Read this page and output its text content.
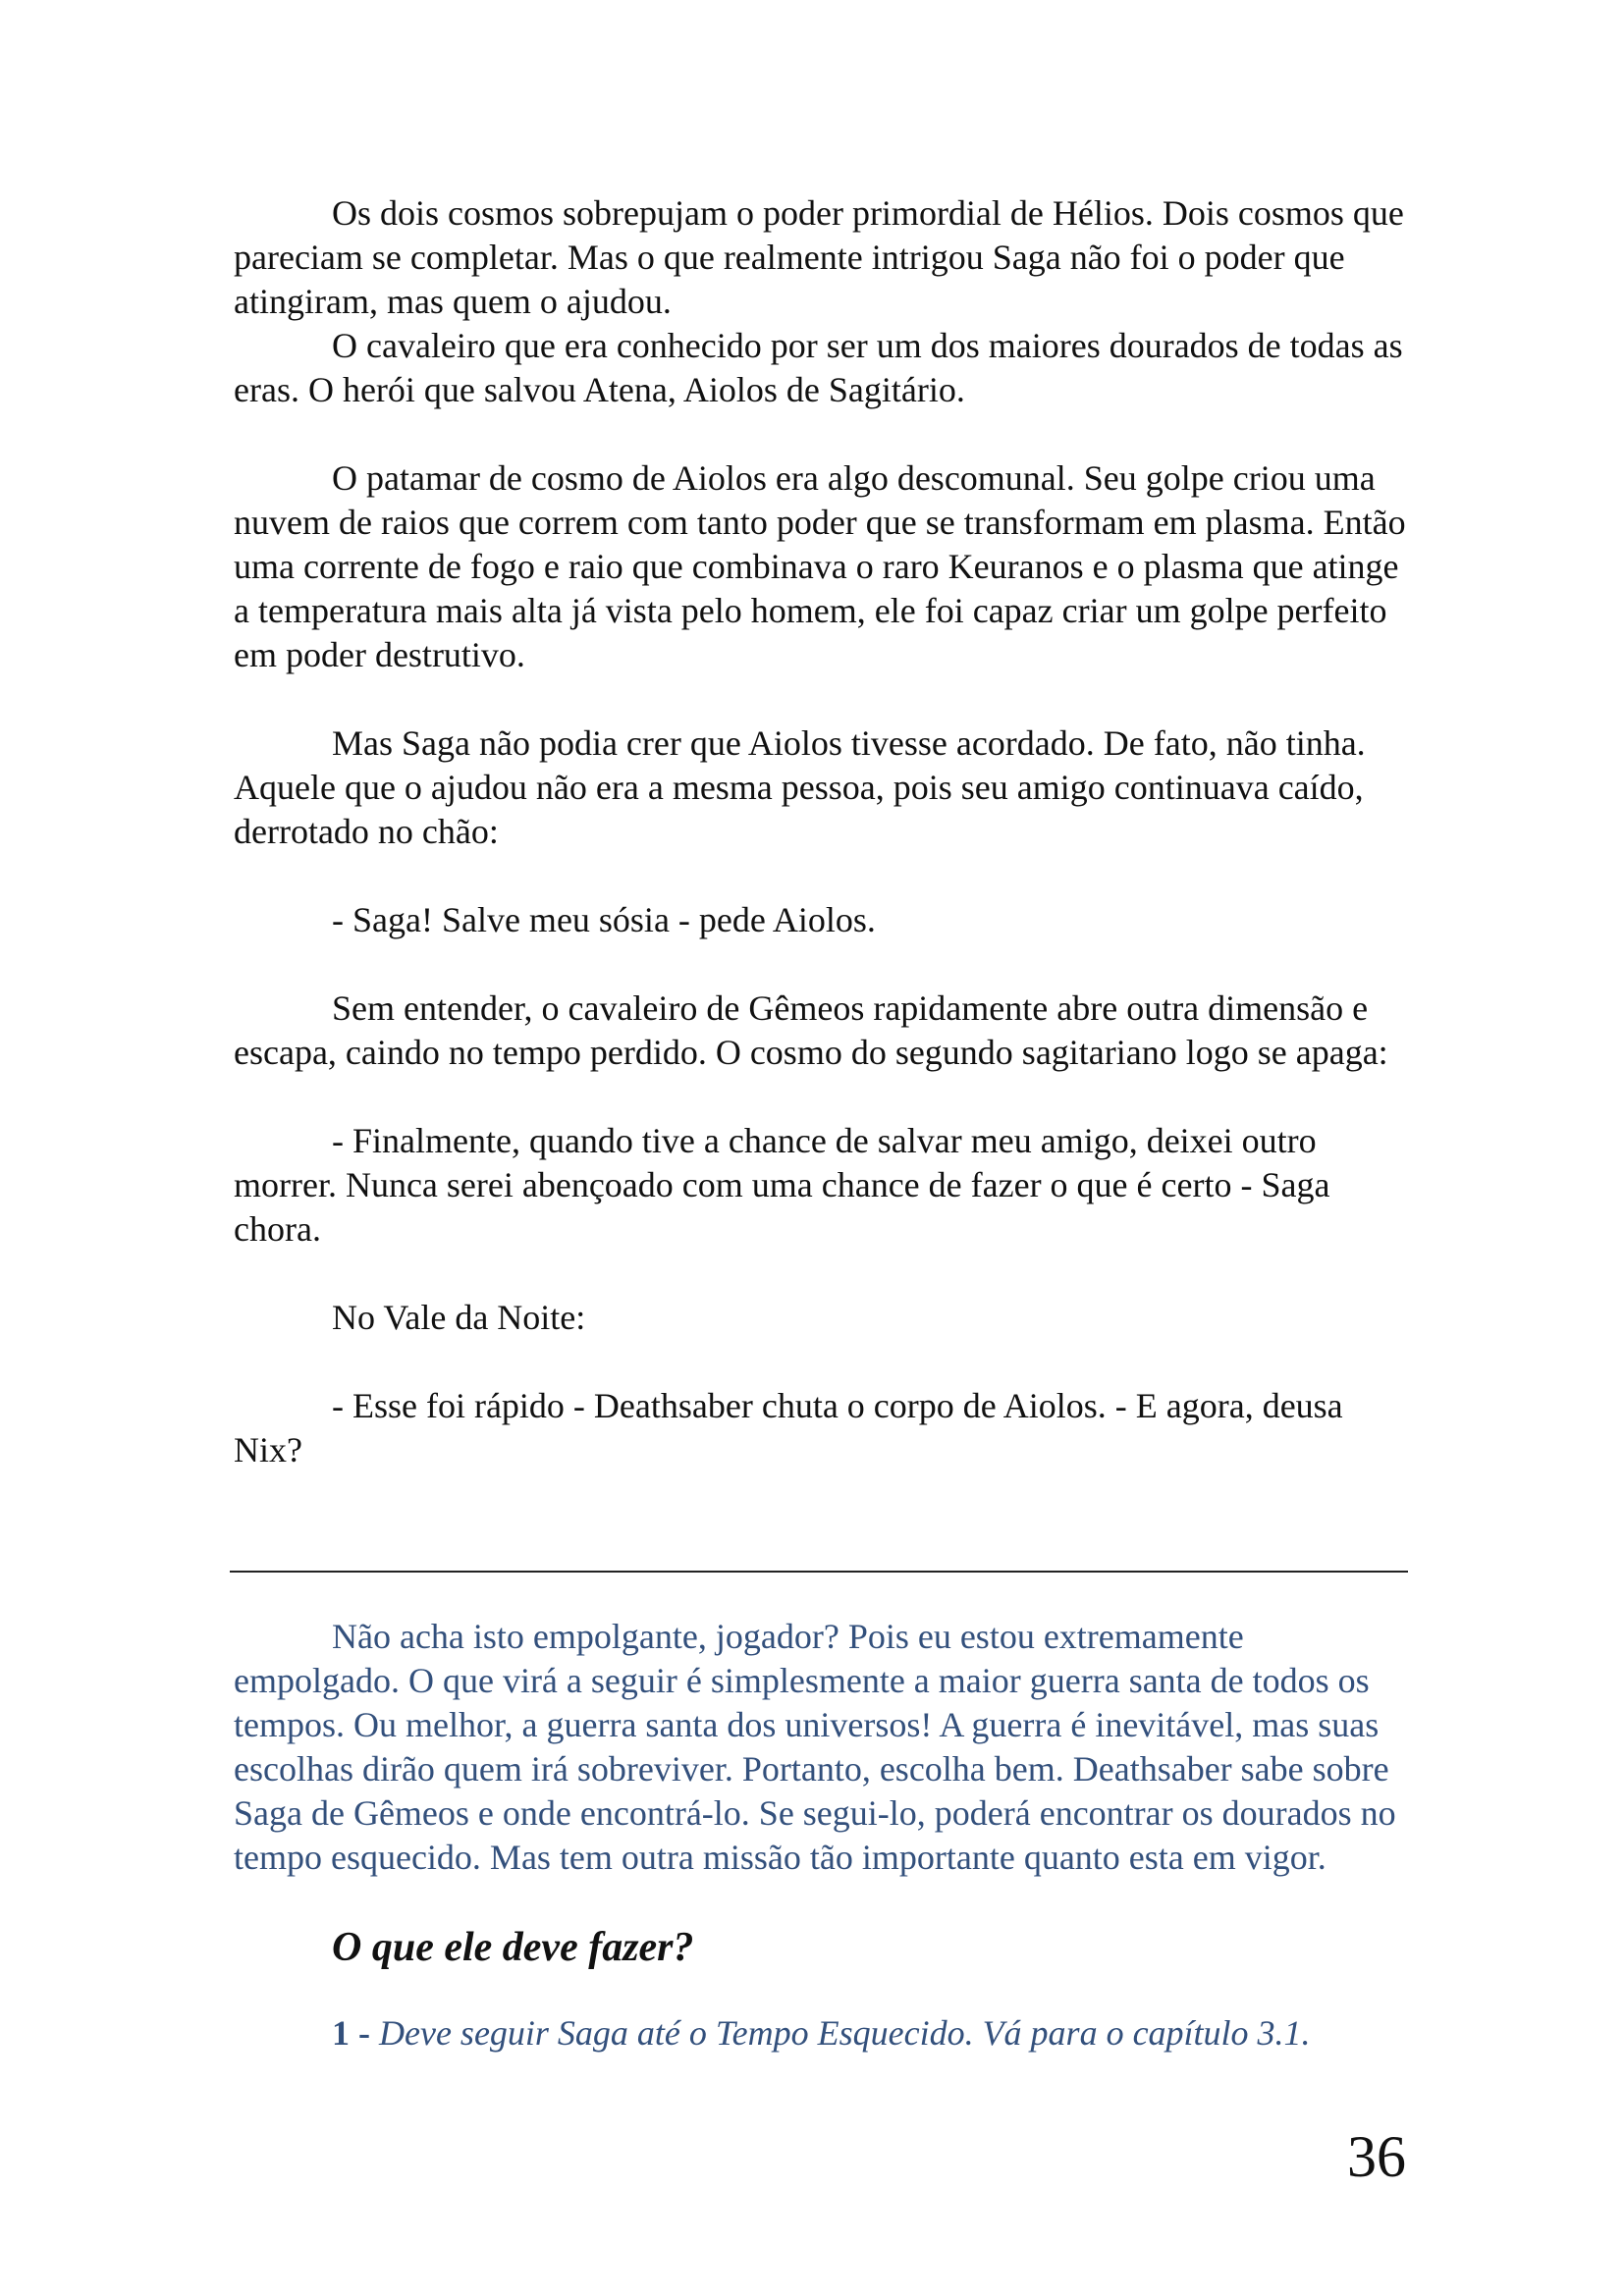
Os dois cosmos sobrepujam o poder primordial de Hélios. Dois cosmos que pareciam se completar. Mas o que realmente intrigou Saga não foi o poder que atingiram, mas quem o ajudou.

O cavaleiro que era conhecido por ser um dos maiores dourados de todas as eras. O herói que salvou Atena, Aiolos de Sagitário.

O patamar de cosmo de Aiolos era algo descomunal. Seu golpe criou uma nuvem de raios que correm com tanto poder que se transformam em plasma. Então uma corrente de fogo e raio que combinava o raro Keuranos e o plasma que atinge a temperatura mais alta já vista pelo homem, ele foi capaz criar um golpe perfeito em poder destrutivo.

Mas Saga não podia crer que Aiolos tivesse acordado. De fato, não tinha. Aquele que o ajudou não era a mesma pessoa, pois seu amigo continuava caído, derrotado no chão:

- Saga! Salve meu sósia - pede Aiolos.

Sem entender, o cavaleiro de Gêmeos rapidamente abre outra dimensão e escapa, caindo no tempo perdido. O cosmo do segundo sagitariano logo se apaga:

- Finalmente, quando tive a chance de salvar meu amigo, deixei outro morrer. Nunca serei abençoado com uma chance de fazer o que é certo - Saga chora.

No Vale da Noite:

- Esse foi rápido - Deathsaber chuta o corpo de Aiolos. - E agora, deusa Nix?

Não acha isto empolgante, jogador? Pois eu estou extremamente empolgado. O que virá a seguir é simplesmente a maior guerra santa de todos os tempos. Ou melhor, a guerra santa dos universos! A guerra é inevitável, mas suas escolhas dirão quem irá sobreviver. Portanto, escolha bem. Deathsaber sabe sobre Saga de Gêmeos e onde encontrá-lo. Se segui-lo, poderá encontrar os dourados no tempo esquecido. Mas tem outra missão tão importante quanto esta em vigor.

O que ele deve fazer?
1 - Deve seguir Saga até o Tempo Esquecido. Vá para o capítulo 3.1.
36
